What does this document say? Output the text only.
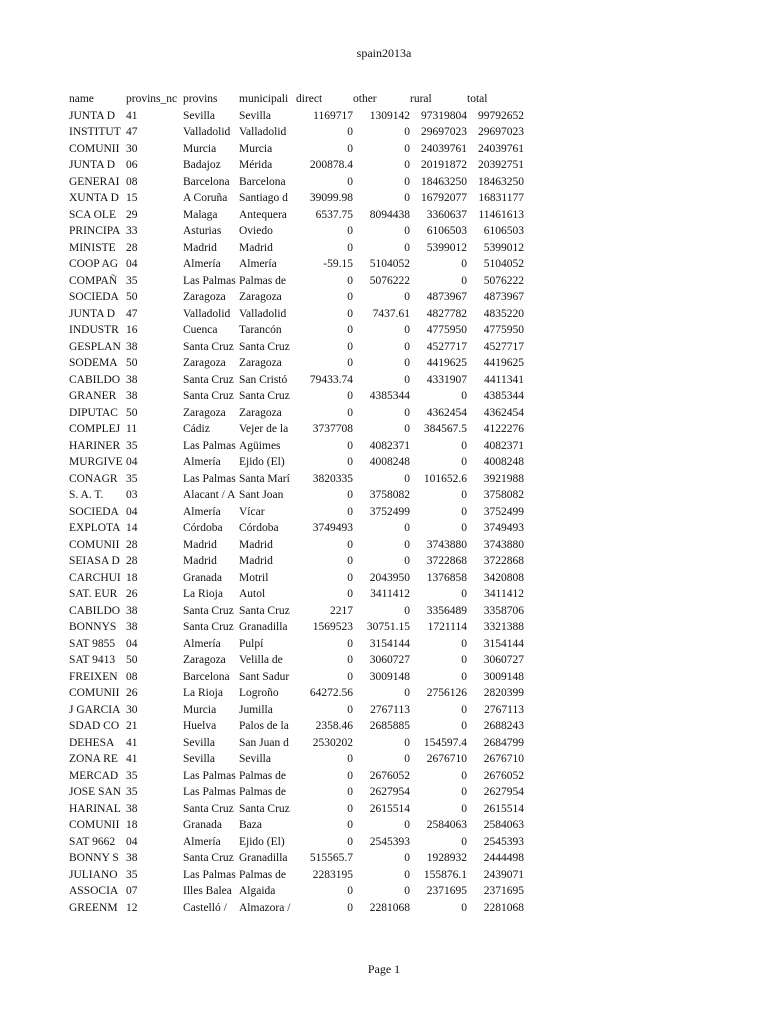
spain2013a
name	provins_nc	provins	municipali	direct	other	rural	total
JUNTA D	41	Sevilla	Sevilla	1169717	1309142	97319804	99792652
INSTITUT	47	Valladolid	Valladolid	0	0	29697023	29697023
COMUNII	30	Murcia	Murcia	0	0	24039761	24039761
JUNTA D	06	Badajoz	Mérida	200878.4	0	20191872	20392751
GENERAI	08	Barcelona	Barcelona	0	0	18463250	18463250
XUNTA D	15	A Coruña	Santiago d	39099.98	0	16792077	16831177
SCA OLE	29	Malaga	Antequera	6537.75	8094438	3360637	11461613
PRINCIPA	33	Asturias	Oviedo	0	0	6106503	6106503
MINISTE	28	Madrid	Madrid	0	0	5399012	5399012
COOP AG	04	Almería	Almería	-59.15	5104052	0	5104052
COMPAÑ	35	Las Palmas	Palmas de	0	5076222	0	5076222
SOCIEDA	50	Zaragoza	Zaragoza	0	0	4873967	4873967
JUNTA D	47	Valladolid	Valladolid	0	7437.61	4827782	4835220
INDUSTR	16	Cuenca	Tarancón	0	0	4775950	4775950
GESPLAN	38	Santa Cruz	Santa Cruz	0	0	4527717	4527717
SODEMA	50	Zaragoza	Zaragoza	0	0	4419625	4419625
CABILDO	38	Santa Cruz	San Cristó	79433.74	0	4331907	4411341
GRANER	38	Santa Cruz	Santa Cruz	0	4385344	0	4385344
DIPUTAC	50	Zaragoza	Zaragoza	0	0	4362454	4362454
COMPLEJ	11	Cádiz	Vejer de la	3737708	0	384567.5	4122276
HARINER	35	Las Palmas	Agüimes	0	4082371	0	4082371
MURGIVE	04	Almería	Ejido (El)	0	4008248	0	4008248
CONAGR	35	Las Palmas	Santa Marí	3820335	0	101652.6	3921988
S. A. T.	03	Alacant / A	Sant Joan	0	3758082	0	3758082
SOCIEDA	04	Almería	Vícar	0	3752499	0	3752499
EXPLOTA	14	Córdoba	Córdoba	3749493	0	0	3749493
COMUNII	28	Madrid	Madrid	0	0	3743880	3743880
SEIASA D	28	Madrid	Madrid	0	0	3722868	3722868
CARCHUI	18	Granada	Motril	0	2043950	1376858	3420808
SAT. EUR	26	La Rioja	Autol	0	3411412	0	3411412
CABILDO	38	Santa Cruz	Santa Cruz	2217	0	3356489	3358706
BONNYS	38	Santa Cruz	Granadilla	1569523	30751.15	1721114	3321388
SAT 9855	04	Almería	Pulpí	0	3154144	0	3154144
SAT 9413	50	Zaragoza	Velilla de	0	3060727	0	3060727
FREIXEN	08	Barcelona	Sant Sadur	0	3009148	0	3009148
COMUNII	26	La Rioja	Logroño	64272.56	0	2756126	2820399
J GARCIA	30	Murcia	Jumilla	0	2767113	0	2767113
SDAD CO	21	Huelva	Palos de la	2358.46	2685885	0	2688243
DEHESA	41	Sevilla	San Juan d	2530202	0	154597.4	2684799
ZONA RE	41	Sevilla	Sevilla	0	0	2676710	2676710
MERCAD	35	Las Palmas	Palmas de	0	2676052	0	2676052
JOSE SAN	35	Las Palmas	Palmas de	0	2627954	0	2627954
HARINAL	38	Santa Cruz	Santa Cruz	0	2615514	0	2615514
COMUNII	18	Granada	Baza	0	0	2584063	2584063
SAT 9662	04	Almería	Ejido (El)	0	2545393	0	2545393
BONNY S	38	Santa Cruz	Granadilla	515565.7	0	1928932	2444498
JULIANO	35	Las Palmas	Palmas de	2283195	0	155876.1	2439071
ASSOCIA	07	Illes Balea	Algaida	0	0	2371695	2371695
GREENM	12	Castelló /	Almazora /	0	2281068	0	2281068
Page 1
